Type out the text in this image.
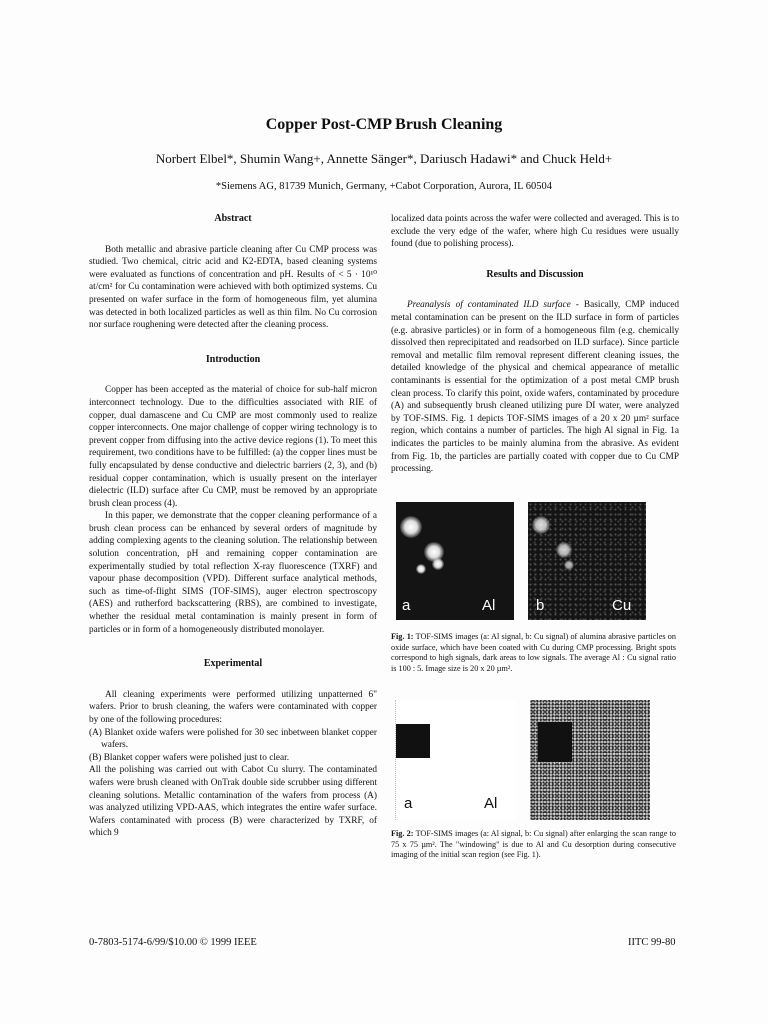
Copper Post-CMP Brush Cleaning
Norbert Elbel*, Shumin Wang+, Annette Sänger*, Dariusch Hadawi* and Chuck Held+
*Siemens AG, 81739 Munich, Germany, +Cabot Corporation, Aurora, IL 60504
Abstract

Both metallic and abrasive particle cleaning after Cu CMP process was studied. Two chemical, citric acid and K2-EDTA, based cleaning systems were evaluated as functions of concentration and pH. Results of < 5 · 10¹⁰ at/cm² for Cu contamination were achieved with both optimized systems. Cu presented on wafer surface in the form of homogeneous film, yet alumina was detected in both localized particles as well as thin film. No Cu corrosion nor surface roughening were detected after the cleaning process.

Introduction

Copper has been accepted as the material of choice for sub-half micron interconnect technology. Due to the difficulties associated with RIE of copper, dual damascene and Cu CMP are most commonly used to realize copper interconnects. One major challenge of copper wiring technology is to prevent copper from diffusing into the active device regions (1). To meet this requirement, two conditions have to be fulfilled: (a) the copper lines must be fully encapsulated by dense conductive and dielectric barriers (2, 3), and (b) residual copper contamination, which is usually present on the interlayer dielectric (ILD) surface after Cu CMP, must be removed by an appropriate brush clean process (4).

In this paper, we demonstrate that the copper cleaning performance of a brush clean process can be enhanced by several orders of magnitude by adding complexing agents to the cleaning solution. The relationship between solution concentration, pH and remaining copper contamination are experimentally studied by total reflection X-ray fluorescence (TXRF) and vapour phase decomposition (VPD). Different surface analytical methods, such as time-of-flight SIMS (TOF-SIMS), auger electron spectroscopy (AES) and rutherford backscattering (RBS), are combined to investigate, whether the residual metal contamination is mainly present in form of particles or in form of a homogeneously distributed monolayer.

Experimental

All cleaning experiments were performed utilizing unpatterned 6" wafers. Prior to brush cleaning, the wafers were contaminated with copper by one of the following procedures:

(A) Blanket oxide wafers were polished for 30 sec inbetween blanket copper wafers.
(B) Blanket copper wafers were polished just to clear.

All the polishing was carried out with Cabot Cu slurry. The contaminated wafers were brush cleaned with OnTrak double side scrubber using different cleaning solutions. Metallic contamination of the wafers from process (A) was analyzed utilizing VPD-AAS, which integrates the entire wafer surface. Wafers contaminated with process (B) were characterized by TXRF, of which 9

localized data points across the wafer were collected and averaged. This is to exclude the very edge of the wafer, where high Cu residues were usually found (due to polishing process).

Results and Discussion

Preanalysis of contaminated ILD surface - Basically, CMP induced metal contamination can be present on the ILD surface in form of particles (e.g. abrasive particles) or in form of a homogeneous film (e.g. chemically dissolved then reprecipitated and readsorbed on ILD surface). Since particle removal and metallic film removal represent different cleaning issues, the detailed knowledge of the physical and chemical appearance of metallic contaminants is essential for the optimization of a post metal CMP brush clean process. To clarify this point, oxide wafers, contaminated by procedure (A) and subsequently brush cleaned utilizing pure DI water, were analyzed by TOF-SIMS. Fig. 1 depicts TOF-SIMS images of a 20 x 20 µm² surface region, which contains a number of particles. The high Al signal in Fig. 1a indicates the particles to be mainly alumina from the abrasive. As evident from Fig. 1b, the particles are partially coated with copper due to Cu CMP processing.

a	Al	b	Cu
Fig. 1: TOF-SIMS images (a: Al signal, b: Cu signal) of alumina abrasive particles on oxide surface, which have been coated with Cu during CMP processing. Bright spots correspond to high signals, dark areas to low signals. The average Al : Cu signal ratio is 100 : 5. Image size is 20 x 20 µm².
a	Al
Fig. 2: TOF-SIMS images (a: Al signal, b: Cu signal) after enlarging the scan range to 75 x 75 µm². The "windowing" is due to Al and Cu desorption during consecutive imaging of the initial scan region (see Fig. 1).
0-7803-5174-6/99/$10.00 © 1999 IEEE	IITC 99-80
